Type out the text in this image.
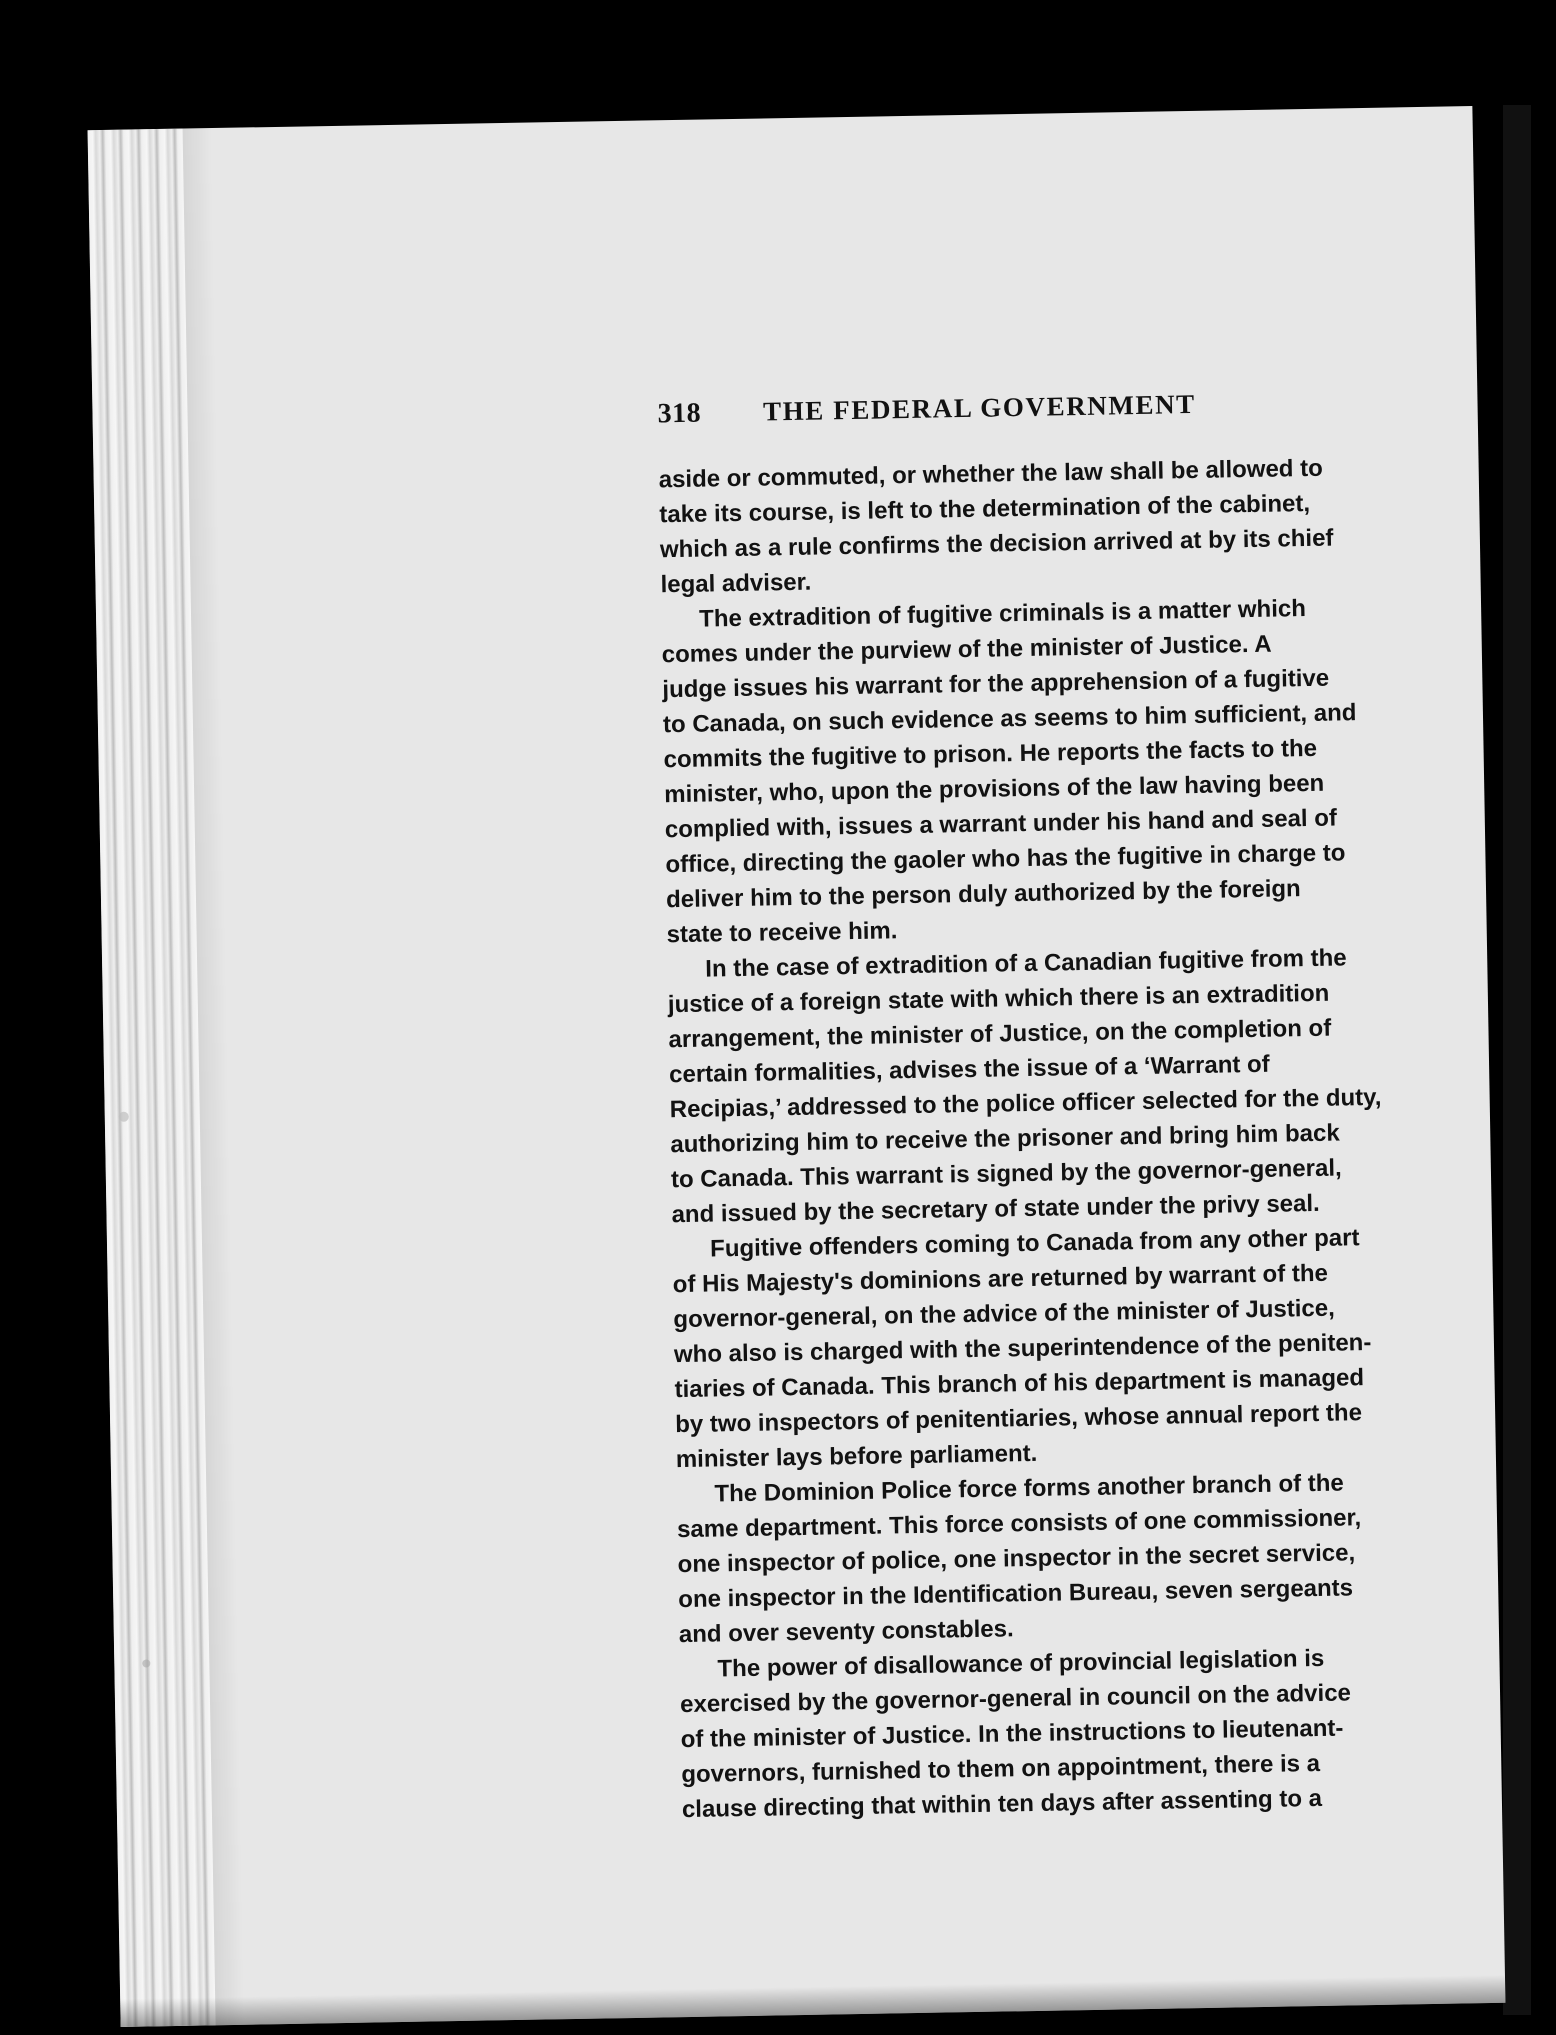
318 THE FEDERAL GOVERNMENT
aside or commuted, or whether the law shall be allowed to
take its course, is left to the determination of the cabinet,
which as a rule confirms the decision arrived at by its chief
legal adviser.
The extradition of fugitive criminals is a matter which
comes under the purview of the minister of Justice. A
judge issues his warrant for the apprehension of a fugitive
to Canada, on such evidence as seems to him sufficient, and
commits the fugitive to prison. He reports the facts to the
minister, who, upon the provisions of the law having been
complied with, issues a warrant under his hand and seal of
office, directing the gaoler who has the fugitive in charge to
deliver him to the person duly authorized by the foreign
state to receive him.
In the case of extradition of a Canadian fugitive from the
justice of a foreign state with which there is an extradition
arrangement, the minister of Justice, on the completion of
certain formalities, advises the issue of a ‘Warrant of
Recipias,’ addressed to the police officer selected for the duty,
authorizing him to receive the prisoner and bring him back
to Canada. This warrant is signed by the governor-general,
and issued by the secretary of state under the privy seal.
Fugitive offenders coming to Canada from any other part
of His Majesty's dominions are returned by warrant of the
governor-general, on the advice of the minister of Justice,
who also is charged with the superintendence of the peniten-
tiaries of Canada. This branch of his department is managed
by two inspectors of penitentiaries, whose annual report the
minister lays before parliament.
The Dominion Police force forms another branch of the
same department. This force consists of one commissioner,
one inspector of police, one inspector in the secret service,
one inspector in the Identification Bureau, seven sergeants
and over seventy constables.
The power of disallowance of provincial legislation is
exercised by the governor-general in council on the advice
of the minister of Justice. In the instructions to lieutenant-
governors, furnished to them on appointment, there is a
clause directing that within ten days after assenting to a
